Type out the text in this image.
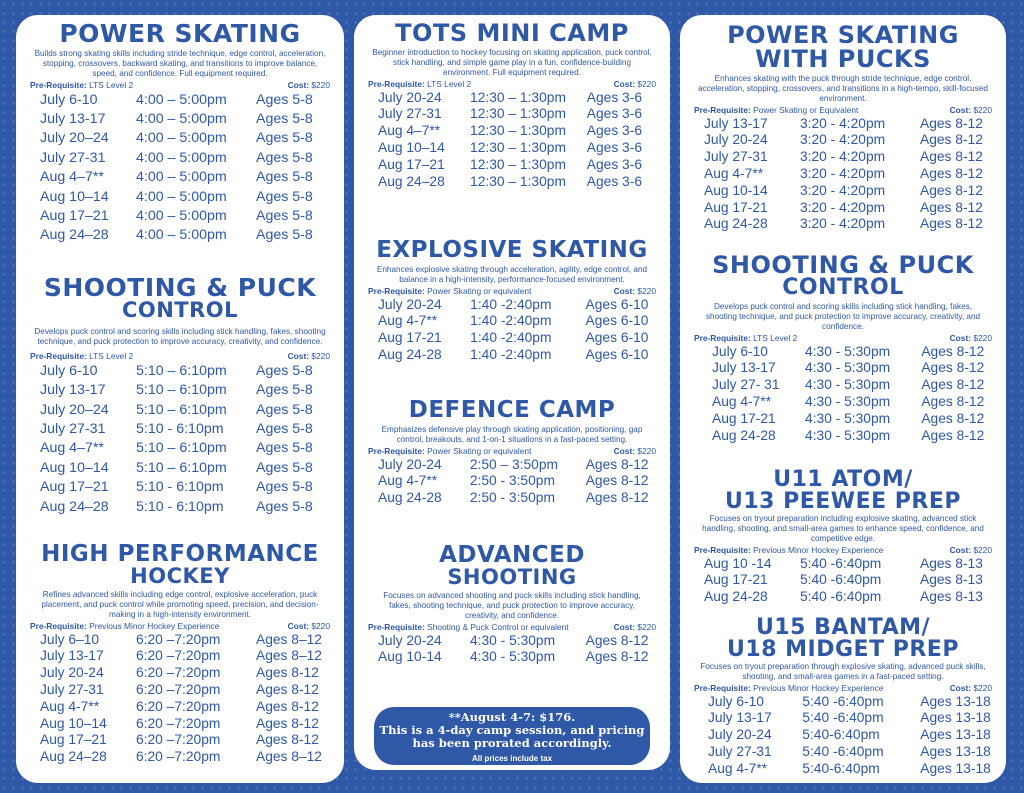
POWER SKATING
Builds strong skating skills including stride technique, edge control, acceleration, stopping, crossovers, backward skating, and transitions to improve balance, speed, and confidence. Full equipment required.
Pre-Requisite: LTS Level 2	Cost: $220
July 6-10	4:00 – 5:00pm	Ages 5-8
July 13-17	4:00 – 5:00pm	Ages 5-8
July 20–24	4:00 – 5:00pm	Ages 5-8
July 27-31	4:00 – 5:00pm	Ages 5-8
Aug 4–7**	4:00 – 5:00pm	Ages 5-8
Aug 10–14	4:00 – 5:00pm	Ages 5-8
Aug 17–21	4:00 – 5:00pm	Ages 5-8
Aug 24–28	4:00 – 5:00pm	Ages 5-8
SHOOTING & PUCK
CONTROL
Develops puck control and scoring skills including stick handling, fakes, shooting technique, and puck protection to improve accuracy, creativity, and confidence.
Pre-Requisite: LTS Level 2	Cost: $220
July 6-10	5:10 – 6:10pm	Ages 5-8
July 13-17	5:10 – 6:10pm	Ages 5-8
July 20–24	5:10 – 6:10pm	Ages 5-8
July 27-31	5:10 - 6:10pm	Ages 5-8
Aug 4–7**	5:10 – 6:10pm	Ages 5-8
Aug 10–14	5:10 – 6:10pm	Ages 5-8
Aug 17–21	5:10 - 6:10pm	Ages 5-8
Aug 24–28	5:10 - 6:10pm	Ages 5-8
HIGH PERFORMANCE
HOCKEY
Refines advanced skills including edge control, explosive acceleration, puck placement, and puck control while promoting speed, precision, and decision-making in a high-intensity environment.
Pre-Requisite: Previous Minor Hockey Experience	Cost: $220
July 6–10	6:20 –7:20pm	Ages 8–12
July 13-17	6:20 –7:20pm	Ages 8–12
July 20-24	6:20 –7:20pm	Ages 8-12
July 27-31	6:20 –7:20pm	Ages 8-12
Aug 4-7**	6:20 –7:20pm	Ages 8-12
Aug 10–14	6:20 –7:20pm	Ages 8-12
Aug 17–21	6:20 –7:20pm	Ages 8-12
Aug 24–28	6:20 –7:20pm	Ages 8–12
TOTS MINI CAMP
Beginner introduction to hockey focusing on skating application, puck control, stick handling, and simple game play in a fun, confidence-building environment. Full equipment required.
Pre-Requisite: LTS Level 2	Cost: $220
July 20-24	12:30 – 1:30pm	Ages 3-6
July 27-31	12:30 – 1:30pm	Ages 3-6
Aug 4–7**	12:30 – 1:30pm	Ages 3-6
Aug 10–14	12:30 – 1:30pm	Ages 3-6
Aug 17–21	12:30 – 1:30pm	Ages 3-6
Aug 24–28	12:30 – 1:30pm	Ages 3-6
EXPLOSIVE SKATING
Enhances explosive skating through acceleration, agility, edge control, and balance in a high-intensity, performance-focused environment.
Pre-Requisite: Power Skating or equivalent	Cost: $220
July 20-24	1:40 -2:40pm	Ages 6-10
Aug 4-7**	1:40 -2:40pm	Ages 6-10
Aug 17-21	1:40 -2:40pm	Ages 6-10
Aug 24-28	1:40 -2:40pm	Ages 6-10
DEFENCE CAMP
Emphasizes defensive play through skating application, positioning, gap control, breakouts, and 1-on-1 situations in a fast-paced setting.
Pre-Requisite: Power Skating or equivalent	Cost: $220
July 20-24	2:50 – 3:50pm	Ages 8-12
Aug 4-7**	2:50 - 3:50pm	Ages 8-12
Aug 24-28	2:50 - 3:50pm	Ages 8-12
ADVANCED
SHOOTING
Focuses on advanced shooting and puck skills including stick handling, fakes, shooting technique, and puck protection to improve accuracy, creativity, and confidence.
Pre-Requisite: Shooting & Puck Control or equivalent	Cost: $220
July 20-24	4:30 - 5:30pm	Ages 8-12
Aug 10-14	4:30 - 5:30pm	Ages 8-12
**August 4-7: $176.
This is a 4-day camp session, and pricing
has been prorated accordingly.
All prices include tax
POWER SKATING
WITH PUCKS
Enhances skating with the puck through stride technique, edge control, acceleration, stopping, crossovers, and transitions in a high-tempo, skill-focused environment.
Pre-Requisite: Power Skating or Equivalent	Cost: $220
July 13-17	3:20 - 4:20pm	Ages 8-12
July 20-24	3:20 - 4:20pm	Ages 8-12
July 27-31	3:20 - 4:20pm	Ages 8-12
Aug 4-7**	3:20 - 4:20pm	Ages 8-12
Aug 10-14	3:20 - 4:20pm	Ages 8-12
Aug 17-21	3:20 - 4:20pm	Ages 8-12
Aug 24-28	3:20 - 4:20pm	Ages 8-12
SHOOTING & PUCK
CONTROL
Develops puck control and scoring skills including stick handling, fakes, shooting technique, and puck protection to improve accuracy, creativity, and confidence.
Pre-Requisite: LTS Level 2	Cost: $220
July 6-10	4:30 - 5:30pm	Ages 8-12
July 13-17	4:30 - 5:30pm	Ages 8-12
July 27- 31	4:30 - 5:30pm	Ages 8-12
Aug 4-7**	4:30 - 5:30pm	Ages 8-12
Aug 17-21	4:30 - 5:30pm	Ages 8-12
Aug 24-28	4:30 - 5:30pm	Ages 8-12
U11 ATOM/
U13 PEEWEE PREP
Focuses on tryout preparation including explosive skating, advanced stick handling, shooting, and small-area games to enhance speed, confidence, and competitive edge.
Pre-Requisite: Previous Minor Hockey Experience	Cost: $220
Aug 10 -14	5:40 -6:40pm	Ages 8-13
Aug 17-21	5:40 -6:40pm	Ages 8-13
Aug 24-28	5:40 -6:40pm	Ages 8-13
U15 BANTAM/
U18 MIDGET PREP
Focuses on tryout preparation through explosive skating, advanced puck skills, shooting, and small-area games in a fast-paced setting.
Pre-Requisite: Previous Minor Hockey Experience	Cost: $220
July 6-10	5:40 -6:40pm	Ages 13-18
July 13-17	5:40 -6:40pm	Ages 13-18
July 20-24	5:40-6:40pm	Ages 13-18
July 27-31	5:40 -6:40pm	Ages 13-18
Aug 4-7**	5:40-6:40pm	Ages 13-18
